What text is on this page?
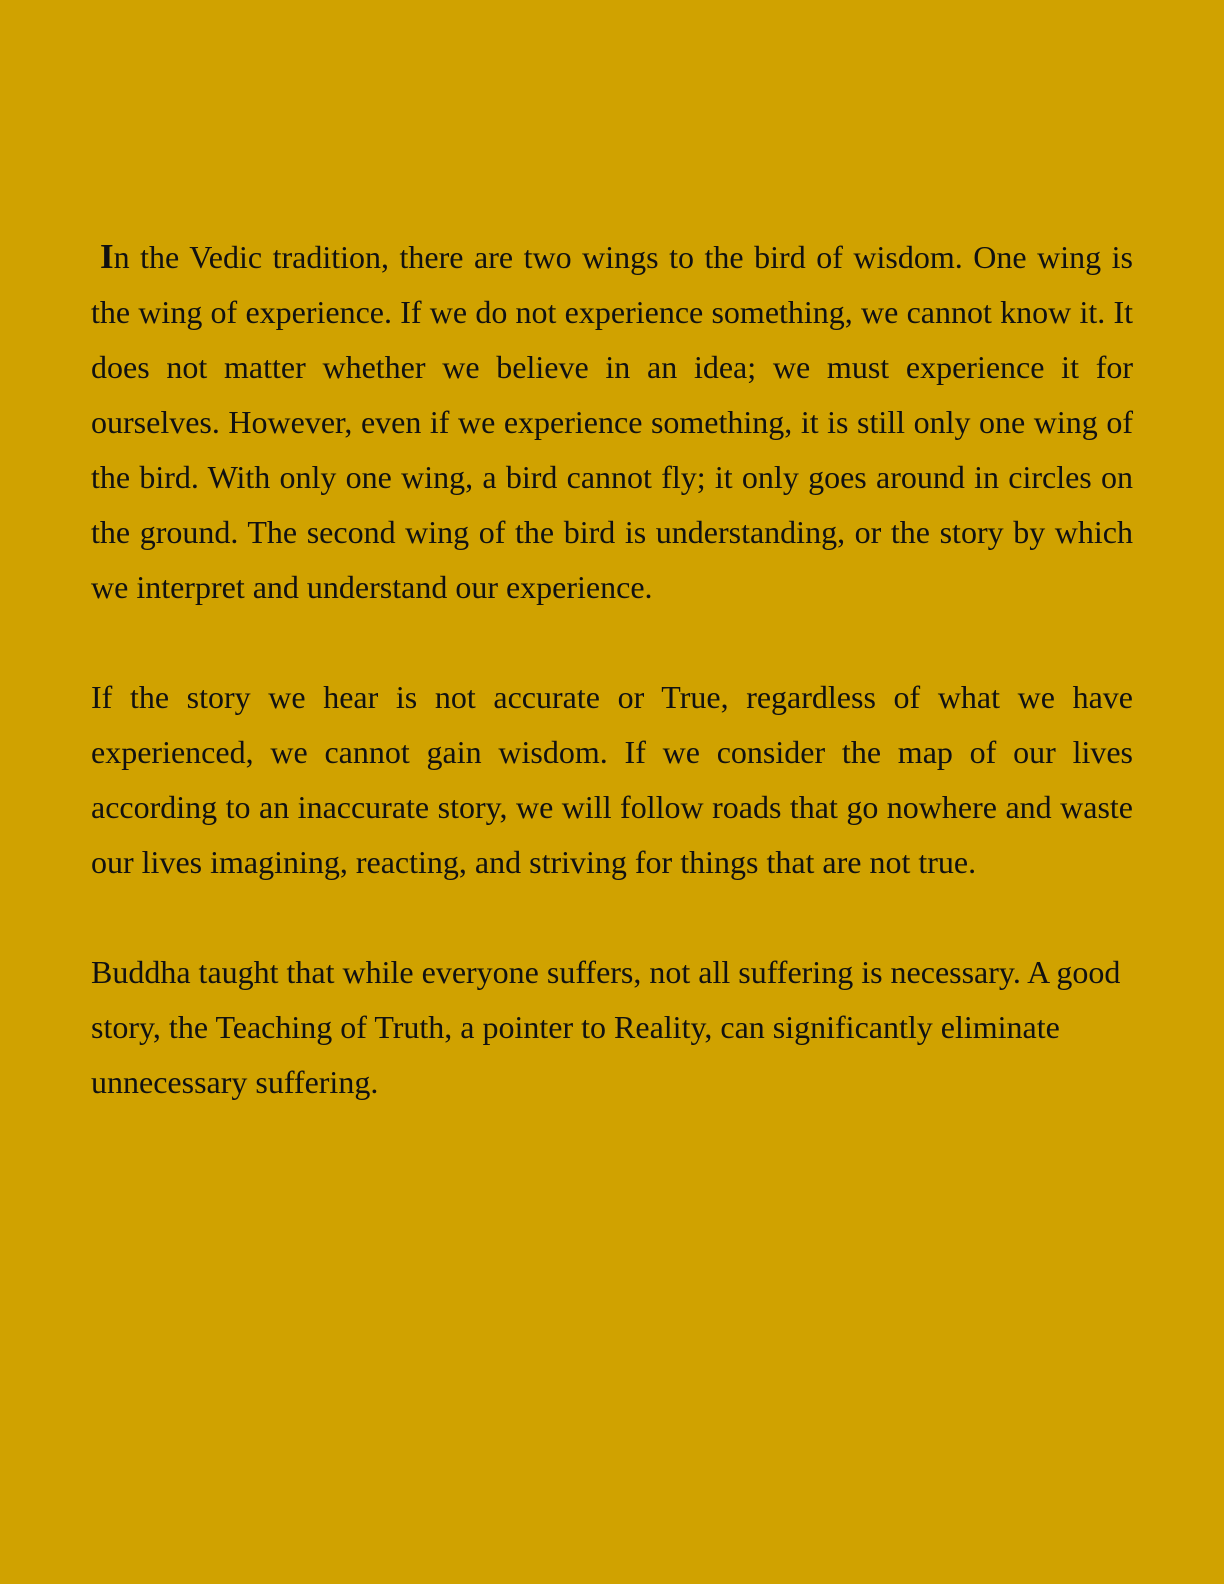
In the Vedic tradition, there are two wings to the bird of wisdom. One wing is the wing of experience. If we do not experience something, we cannot know it. It does not matter whether we believe in an idea; we must experience it for ourselves. However, even if we experience something, it is still only one wing of the bird. With only one wing, a bird cannot fly; it only goes around in circles on the ground. The second wing of the bird is understanding, or the story by which we interpret and understand our experience.

If the story we hear is not accurate or True, regardless of what we have experienced, we cannot gain wisdom. If we consider the map of our lives according to an inaccurate story, we will follow roads that go nowhere and waste our lives imagining, reacting, and striving for things that are not true.

Buddha taught that while everyone suffers, not all suffering is necessary. A good story, the Teaching of Truth, a pointer to Reality, can significantly eliminate unnecessary suffering.
